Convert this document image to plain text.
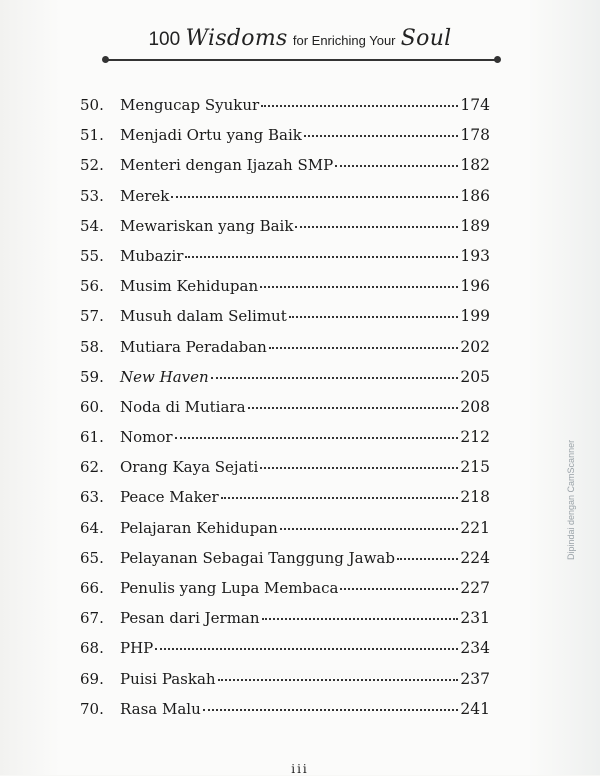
100 Wisdoms for Enriching Your Soul
50.	Mengucap Syukur	174
51.	Menjadi Ortu yang Baik	178
52.	Menteri dengan Ijazah SMP	182
53.	Merek	186
54.	Mewariskan yang Baik	189
55.	Mubazir	193
56.	Musim Kehidupan	196
57.	Musuh dalam Selimut	199
58.	Mutiara Peradaban	202
59.	New Haven	205
60.	Noda di Mutiara	208
61.	Nomor	212
62.	Orang Kaya Sejati	215
63.	Peace Maker	218
64.	Pelajaran Kehidupan	221
65.	Pelayanan Sebagai Tanggung Jawab	224
66.	Penulis yang Lupa Membaca	227
67.	Pesan dari Jerman	231
68.	PHP	234
69.	Puisi Paskah	237
70.	Rasa Malu	241
iii
Dipindai dengan CamScanner
